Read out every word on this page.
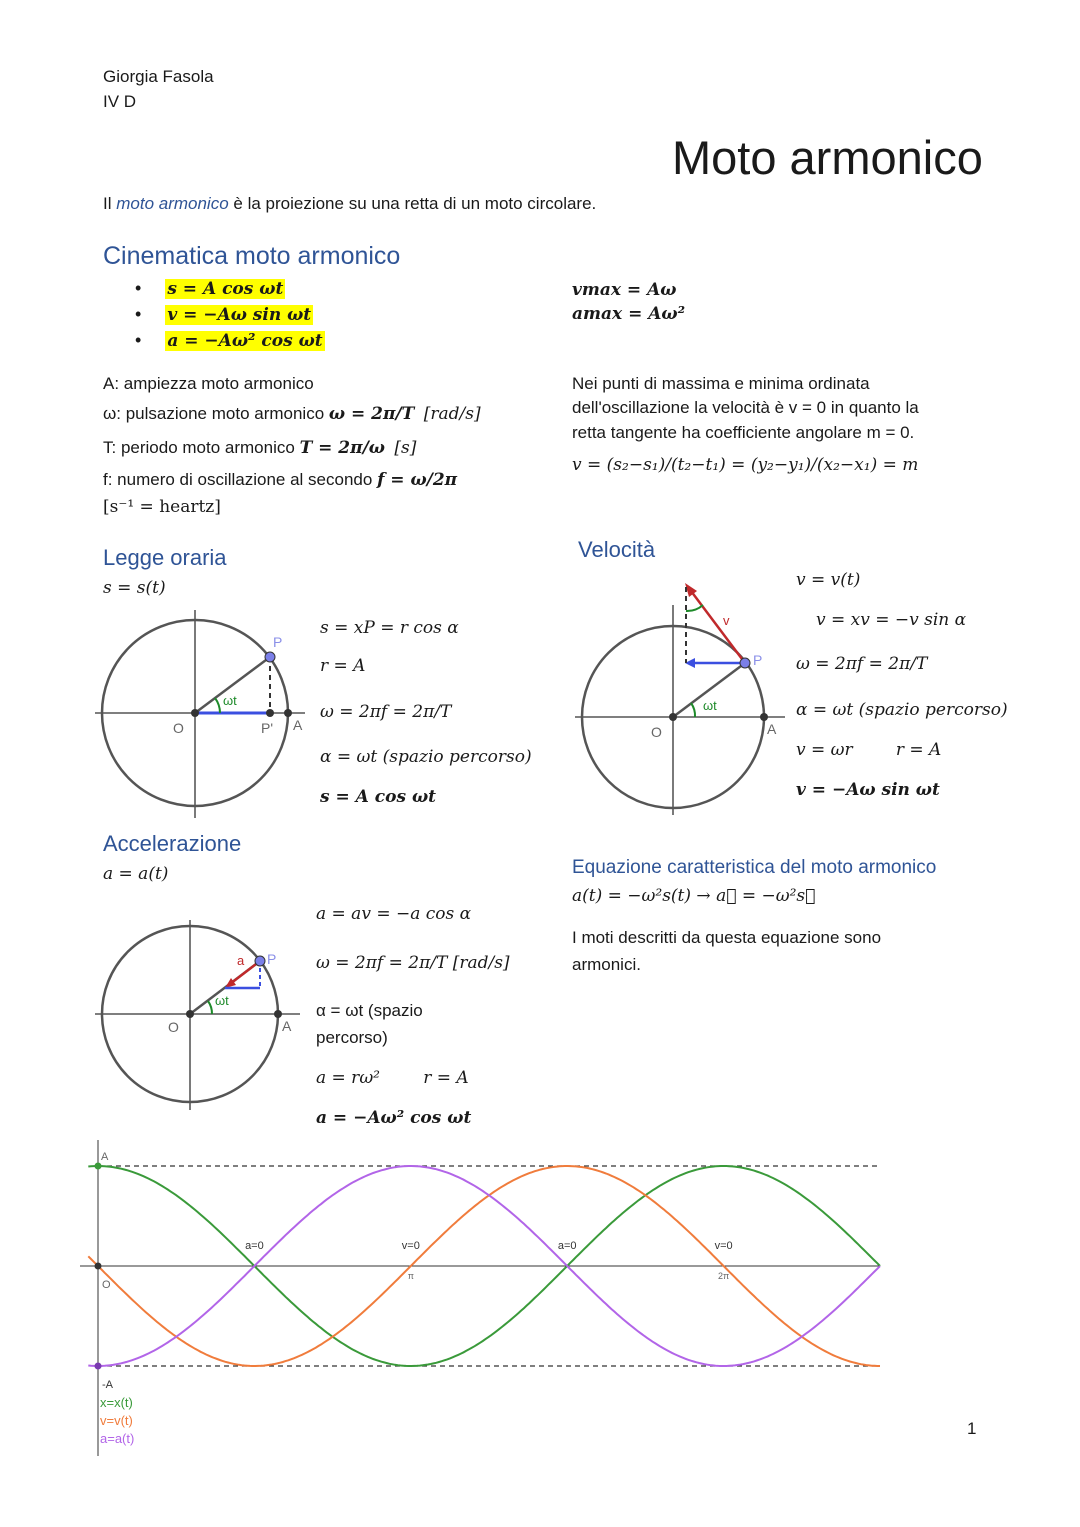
Giorgia Fasola
IV D
Moto armonico
Il moto armonico è la proiezione su una retta di un moto circolare.
Cinematica moto armonico
• s = A cos ωt
• v = −Aω sin ωt
• a = −Aω² cos ωt
vmax = Aω
amax = Aω²
A: ampiezza moto armonico
ω: pulsazione moto armonico ω = 2π/T [rad/s]
T: periodo moto armonico T = 2π/ω [s]
f: numero di oscillazione al secondo f = ω/2π
[s⁻¹ = heartz]
Nei punti di massima e minima ordinata
dell'oscillazione la velocità è v = 0 in quanto la
retta tangente ha coefficiente angolare m = 0.
v = (s₂−s₁)/(t₂−t₁) = (y₂−y₁)/(x₂−x₁) = m
Legge oraria
s = s(t)
P
O	P' A
ωt
s = xP = r cos α
r = A
ω = 2πf = 2π/T
α = ωt (spazio percorso)
s = A cos ωt
Velocità
v
P
O	A
ωt
v = v(t)
v = xv = −v sin α
ω = 2πf = 2π/T
α = ωt (spazio percorso)
v = ωr        r = A
v = −Aω sin ωt
Accelerazione
a = a(t)
a P
O	A
ωt
a = av = −a cos α
ω = 2πf = 2π/T [rad/s]
α = ωt (spazio
percorso)
a = rω²        r = A
a = −Aω² cos ωt
Equazione caratteristica del moto armonico
a(t) = −ω²s(t) → a⃗ = −ω²s⃗
I moti descritti da questa equazione sono
armonici.
A
O
-A
π	2π
a=0	v=0	a=0	v=0
x=x(t)
v=v(t)
a=a(t)
1
